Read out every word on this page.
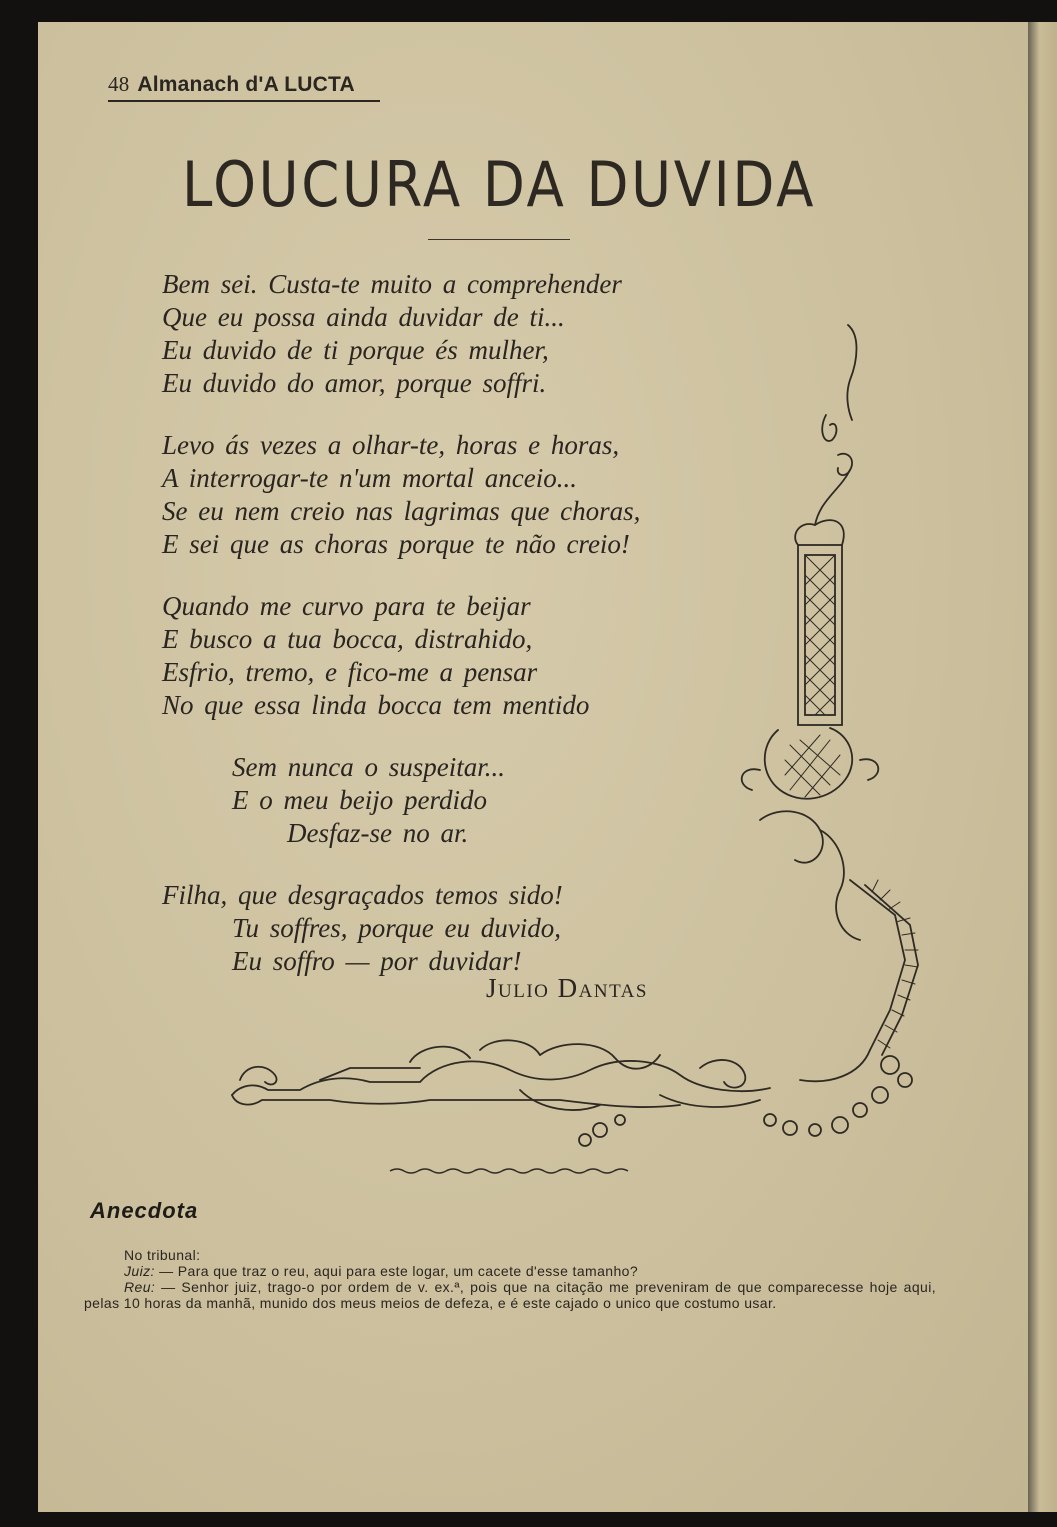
48 Almanach d'A LUCTA
LOUCURA DA DUVIDA
Bem sei. Custa-te muito a comprehender
Que eu possa ainda duvidar de ti...
Eu duvido de ti porque és mulher,
Eu duvido do amor, porque soffri.
Levo ás vezes a olhar-te, horas e horas,
A interrogar-te n'um mortal anceio...
Se eu nem creio nas lagrimas que choras,
E sei que as choras porque te não creio!
Quando me curvo para te beijar
E busco a tua bocca, distrahido,
Esfrio, tremo, e fico-me a pensar
No que essa linda bocca tem mentido
Sem nunca o suspeitar...
E o meu beijo perdido
Desfaz-se no ar.
Filha, que desgraçados temos sido!
Tu soffres, porque eu duvido,
Eu soffro — por duvidar!
Julio Dantas
Anecdota

No tribunal:

Juiz: — Para que traz o reu, aqui para este logar, um cacete d'esse tamanho?

Reu: — Senhor juiz, trago-o por ordem de v. ex.ª, pois que na citação me preveniram de que comparecesse hoje aqui, pelas 10 horas da manhã, munido dos meus meios de defeza, e é este cajado o unico que costumo usar.
